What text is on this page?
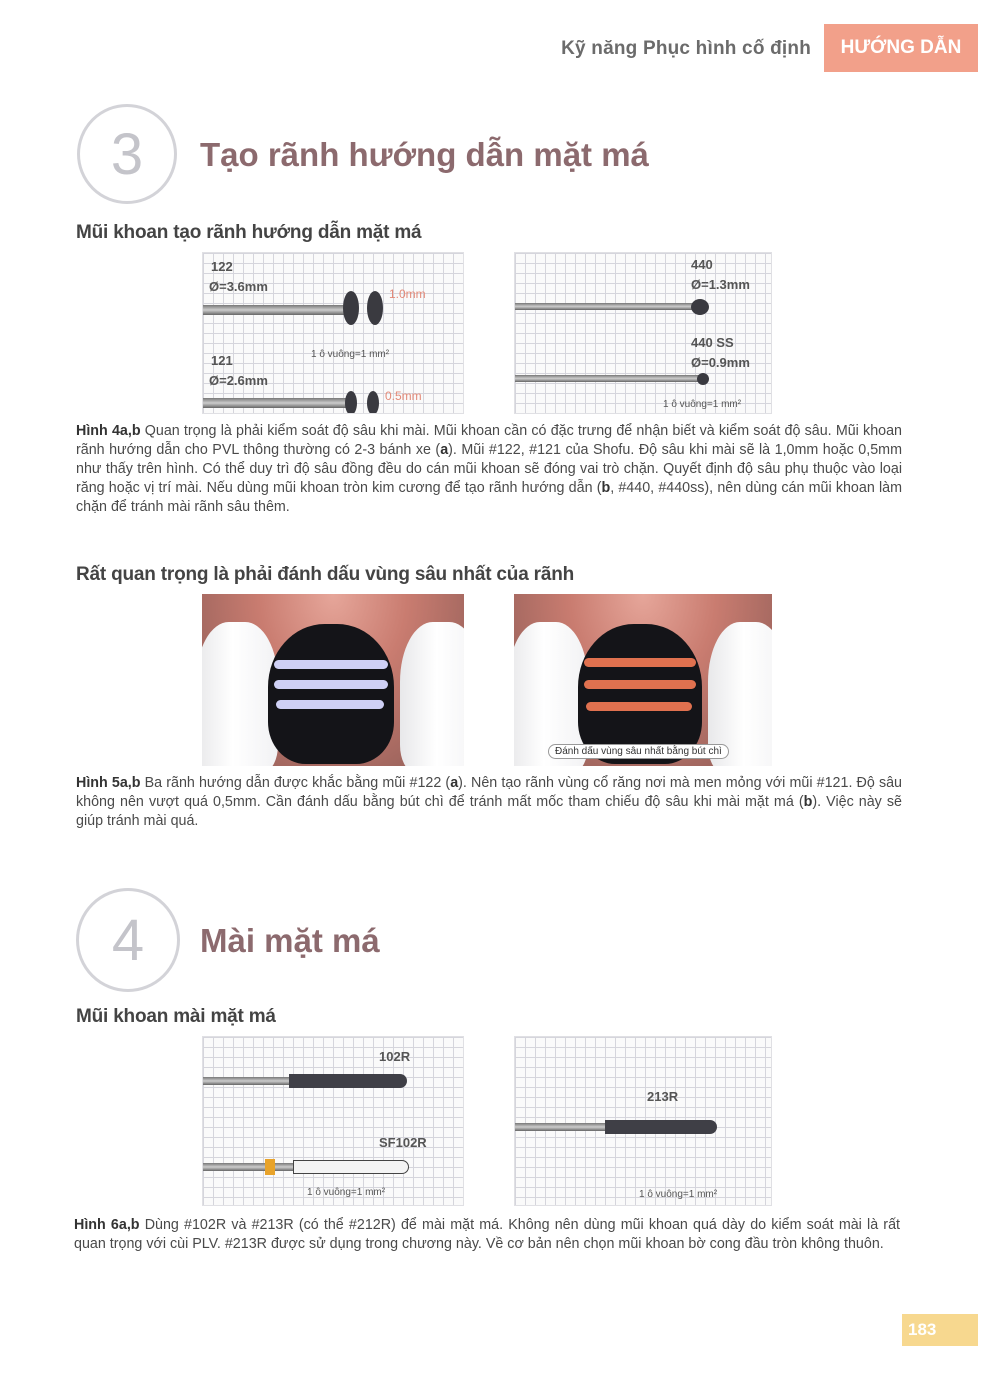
Kỹ năng Phục hình cố định	HƯỚNG DẪN
3	Tạo rãnh hướng dẫn mặt má
Mũi khoan tạo rãnh hướng dẫn mặt má
122
Ø=3.6mm	1.0mm
1 ô vuông=1 mm²
121
Ø=2.6mm
0.5mm
440
Ø=1.3mm
440 SS
Ø=0.9mm
1 ô vuông=1 mm²
Hình 4a,b Quan trọng là phải kiểm soát độ sâu khi mài. Mũi khoan cần có đặc trưng để nhận biết và kiểm soát độ sâu. Mũi khoan rãnh hướng dẫn cho PVL thông thường có 2-3 bánh xe (a). Mũi #122, #121 của Shofu. Độ sâu khi mài sẽ là 1,0mm hoặc 0,5mm như thấy trên hình. Có thể duy trì độ sâu đồng đều do cán mũi khoan sẽ đóng vai trò chặn. Quyết định độ sâu phụ thuộc vào loại răng hoặc vị trí mài. Nếu dùng mũi khoan tròn kim cương để tạo rãnh hướng dẫn (b, #440, #440ss), nên dùng cán mũi khoan làm chặn để tránh mài rãnh sâu thêm.
Rất quan trọng là phải đánh dấu vùng sâu nhất của rãnh
Đánh dấu vùng sâu nhất bằng bút chì
Hình 5a,b Ba rãnh hướng dẫn được khắc bằng mũi #122 (a). Nên tạo rãnh vùng cổ răng nơi mà men mỏng với mũi #121. Độ sâu không nên vượt quá 0,5mm. Cần đánh dấu bằng bút chì để tránh mất mốc tham chiếu độ sâu khi mài mặt má (b). Việc này sẽ giúp tránh mài quá.
4	Mài mặt má
Mũi khoan mài mặt má
102R
SF102R
1 ô vuông=1 mm²
213R
1 ô vuông=1 mm²
Hình 6a,b Dùng #102R và #213R (có thể #212R) để mài mặt má. Không nên dùng mũi khoan quá dày do kiểm soát mài là rất quan trọng với cùi PLV. #213R được sử dụng trong chương này. Về cơ bản nên chọn mũi khoan bờ cong đầu tròn không thuôn.
183
